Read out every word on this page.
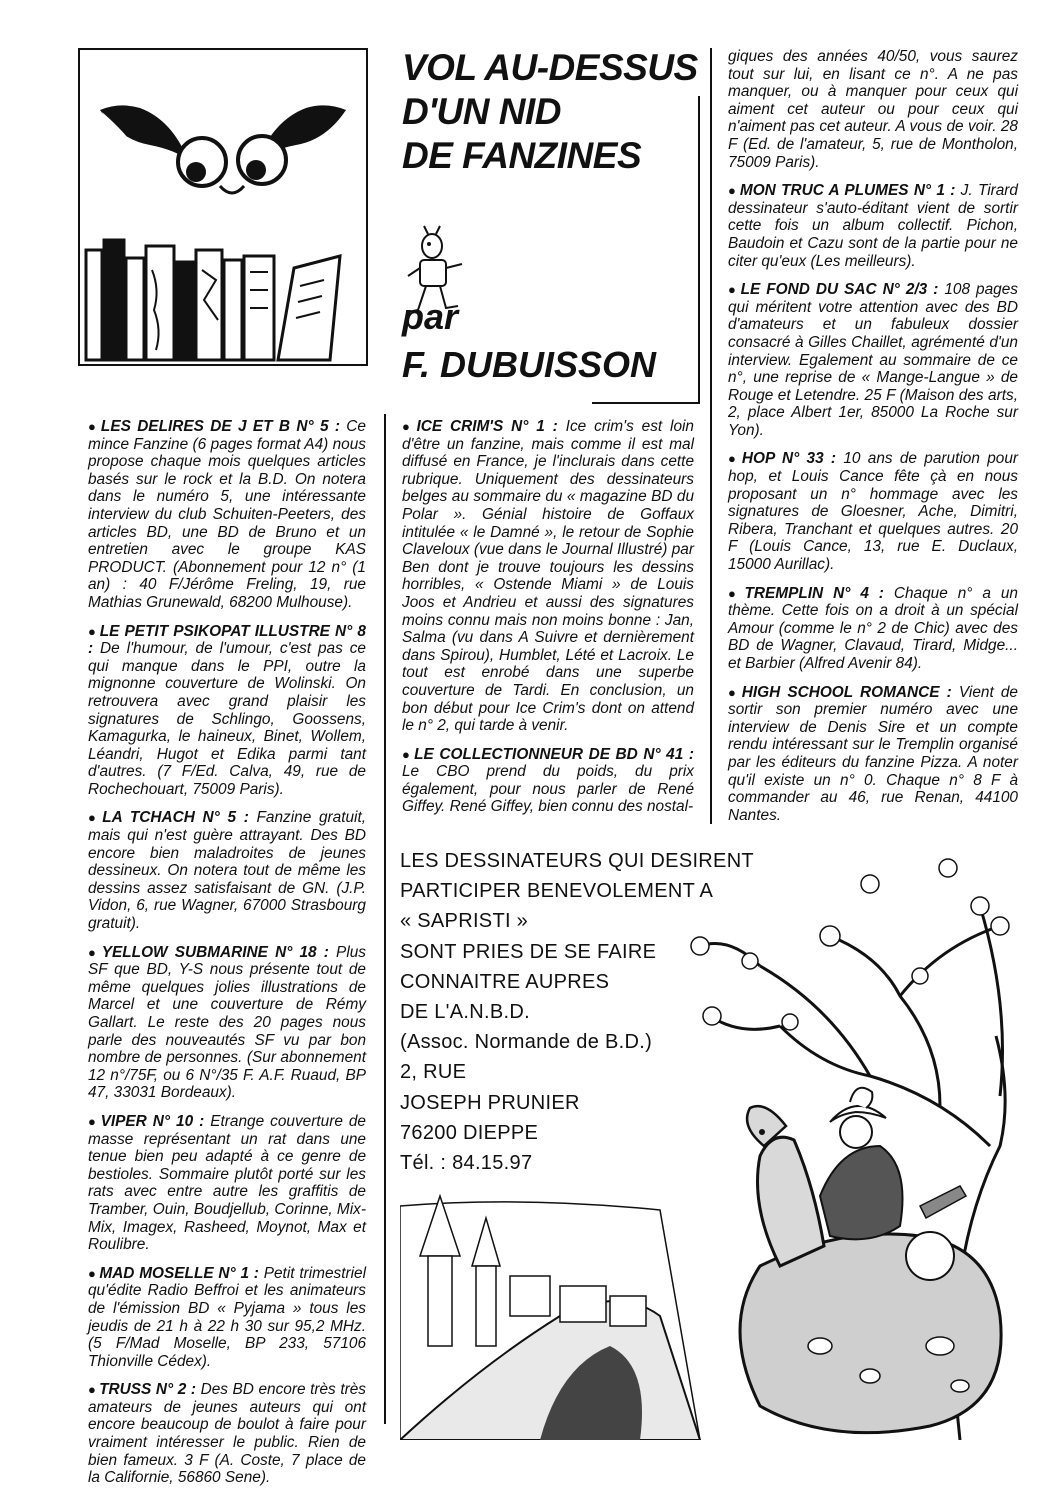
VOL AU-DESSUS
D'UN NID
DE FANZINES
par
F. DUBUISSON

● LES DELIRES DE J ET B N° 5 : Ce mince Fanzine (6 pages format A4) nous propose chaque mois quelques articles basés sur le rock et la B.D. On notera dans le numéro 5, une intéressante interview du club Schuiten-Peeters, des articles BD, une BD de Bruno et un entretien avec le groupe KAS PRODUCT. (Abonnement pour 12 n° (1 an) : 40 F/Jérôme Freling, 19, rue Mathias Grunewald, 68200 Mulhouse).

● LE PETIT PSIKOPAT ILLUSTRE N° 8 : De l'humour, de l'umour, c'est pas ce qui manque dans le PPI, outre la mignonne couverture de Wolinski. On retrouvera avec grand plaisir les signatures de Schlingo, Goossens, Kamagurka, le haineux, Binet, Wollem, Léandri, Hugot et Edika parmi tant d'autres. (7 F/Ed. Calva, 49, rue de Rochechouart, 75009 Paris).

● LA TCHACH N° 5 : Fanzine gratuit, mais qui n'est guère attrayant. Des BD encore bien maladroites de jeunes dessineux. On notera tout de même les dessins assez satisfaisant de GN. (J.P. Vidon, 6, rue Wagner, 67000 Strasbourg gratuit).

● YELLOW SUBMARINE N° 18 : Plus SF que BD, Y-S nous présente tout de même quelques jolies illustrations de Marcel et une couverture de Rémy Gallart. Le reste des 20 pages nous parle des nouveautés SF vu par bon nombre de personnes. (Sur abonnement 12 n°/75F, ou 6 N°/35 F. A.F. Ruaud, BP 47, 33031 Bordeaux).

● VIPER N° 10 : Etrange couverture de masse représentant un rat dans une tenue bien peu adapté à ce genre de bestioles. Sommaire plutôt porté sur les rats avec entre autre les graffitis de Tramber, Ouin, Boudjellub, Corinne, Mix-Mix, Imagex, Rasheed, Moynot, Max et Roulibre.

● MAD MOSELLE N° 1 : Petit trimestriel qu'édite Radio Beffroi et les animateurs de l'émission BD « Pyjama » tous les jeudis de 21 h à 22 h 30 sur 95,2 MHz. (5 F/Mad Moselle, BP 233, 57106 Thionville Cédex).

● TRUSS N° 2 : Des BD encore très très amateurs de jeunes auteurs qui ont encore beaucoup de boulot à faire pour vraiment intéresser le public. Rien de bien fameux. 3 F (A. Coste, 7 place de la Californie, 56860 Sene).

● ICE CRIM'S N° 1 : Ice crim's est loin d'être un fanzine, mais comme il est mal diffusé en France, je l'inclurais dans cette rubrique. Uniquement des dessinateurs belges au sommaire du « magazine BD du Polar ». Génial histoire de Goffaux intitulée « le Damné », le retour de Sophie Claveloux (vue dans le Journal Illustré) par Ben dont je trouve toujours les dessins horribles, « Ostende Miami » de Louis Joos et Andrieu et aussi des signatures moins connu mais non moins bonne : Jan, Salma (vu dans A Suivre et dernièrement dans Spirou), Humblet, Lété et Lacroix. Le tout est enrobé dans une superbe couverture de Tardi. En conclusion, un bon début pour Ice Crim's dont on attend le n° 2, qui tarde à venir.

● LE COLLECTIONNEUR DE BD N° 41 : Le CBO prend du poids, du prix également, pour nous parler de René Giffey. René Giffey, bien connu des nostal-

giques des années 40/50, vous saurez tout sur lui, en lisant ce n°. A ne pas manquer, ou à manquer pour ceux qui aiment cet auteur ou pour ceux qui n'aiment pas cet auteur. A vous de voir. 28 F (Ed. de l'amateur, 5, rue de Montholon, 75009 Paris).

● MON TRUC A PLUMES N° 1 : J. Tirard dessinateur s'auto-éditant vient de sortir cette fois un album collectif. Pichon, Baudoin et Cazu sont de la partie pour ne citer qu'eux (Les meilleurs).

● LE FOND DU SAC N° 2/3 : 108 pages qui méritent votre attention avec des BD d'amateurs et un fabuleux dossier consacré à Gilles Chaillet, agrémenté d'un interview. Egalement au sommaire de ce n°, une reprise de « Mange-Langue » de Rouge et Letendre. 25 F (Maison des arts, 2, place Albert 1er, 85000 La Roche sur Yon).

● HOP N° 33 : 10 ans de parution pour hop, et Louis Cance fête çà en nous proposant un n° hommage avec les signatures de Gloesner, Ache, Dimitri, Ribera, Tranchant et quelques autres. 20 F (Louis Cance, 13, rue E. Duclaux, 15000 Aurillac).

● TREMPLIN N° 4 : Chaque n° a un thème. Cette fois on a droit à un spécial Amour (comme le n° 2 de Chic) avec des BD de Wagner, Clavaud, Tirard, Midge... et Barbier (Alfred Avenir 84).

● HIGH SCHOOL ROMANCE : Vient de sortir son premier numéro avec une interview de Denis Sire et un compte rendu intéressant sur le Tremplin organisé par les éditeurs du fanzine Pizza. A noter qu'il existe un n° 0. Chaque n° 8 F à commander au 46, rue Renan, 44100 Nantes.

LES DESSINATEURS QUI DESIRENT
PARTICIPER BENEVOLEMENT A
« SAPRISTI »
SONT PRIES DE SE FAIRE
CONNAITRE AUPRES
DE L'A.N.B.D.
(Assoc. Normande de B.D.)
2, RUE
JOSEPH PRUNIER
76200 DIEPPE
Tél. : 84.15.97
